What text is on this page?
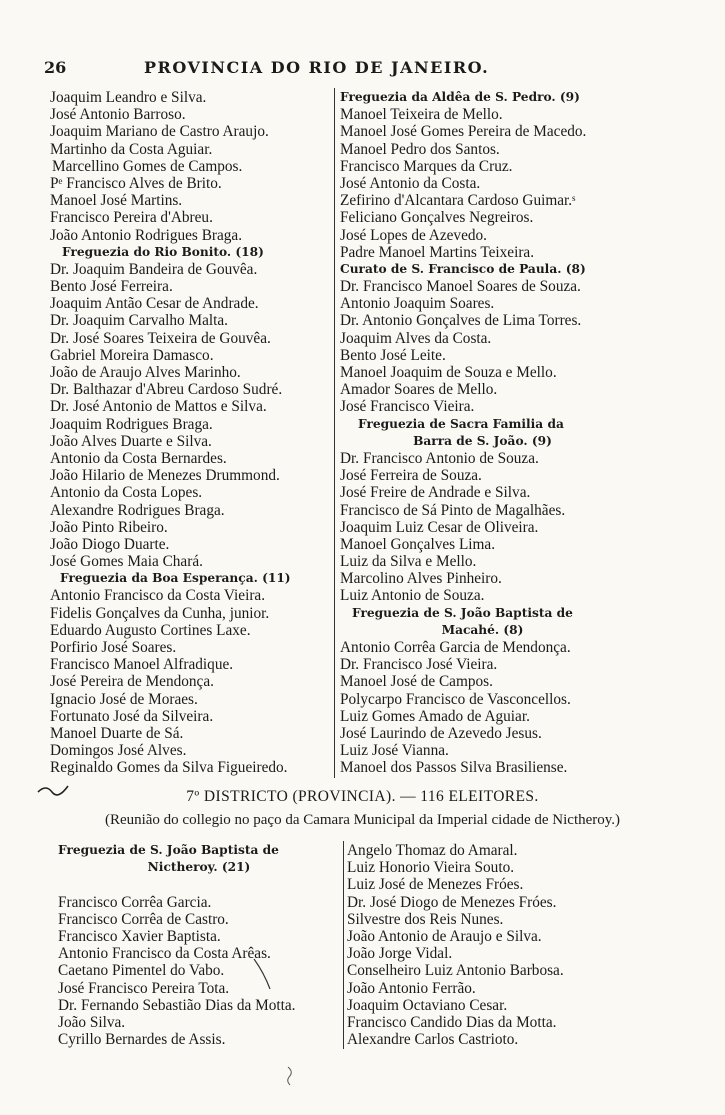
26	PROVINCIA DO RIO DE JANEIRO.
Joaquim Leandro e Silva.
José Antonio Barroso.
Joaquim Mariano de Castro Araujo.
Martinho da Costa Aguiar.
Marcellino Gomes de Campos.
Pᵉ Francisco Alves de Brito.
Manoel José Martins.
Francisco Pereira d'Abreu.
João Antonio Rodrigues Braga.
Freguezia do Rio Bonito. (18)
Dr. Joaquim Bandeira de Gouvêa.
Bento José Ferreira.
Joaquim Antão Cesar de Andrade.
Dr. Joaquim Carvalho Malta.
Dr. José Soares Teixeira de Gouvêa.
Gabriel Moreira Damasco.
João de Araujo Alves Marinho.
Dr. Balthazar d'Abreu Cardoso Sudré.
Dr. José Antonio de Mattos e Silva.
Joaquim Rodrigues Braga.
João Alves Duarte e Silva.
Antonio da Costa Bernardes.
João Hilario de Menezes Drummond.
Antonio da Costa Lopes.
Alexandre Rodrigues Braga.
João Pinto Ribeiro.
João Diogo Duarte.
José Gomes Maia Chará.
Freguezia da Boa Esperança. (11)
Antonio Francisco da Costa Vieira.
Fidelis Gonçalves da Cunha, junior.
Eduardo Augusto Cortines Laxe.
Porfirio José Soares.
Francisco Manoel Alfradique.
José Pereira de Mendonça.
Ignacio José de Moraes.
Fortunato José da Silveira.
Manoel Duarte de Sá.
Domingos José Alves.
Reginaldo Gomes da Silva Figueiredo.
Freguezia da Aldêa de S. Pedro. (9)
Manoel Teixeira de Mello.
Manoel José Gomes Pereira de Macedo.
Manoel Pedro dos Santos.
Francisco Marques da Cruz.
José Antonio da Costa.
Zefirino d'Alcantara Cardoso Guimar.ˢ
Feliciano Gonçalves Negreiros.
José Lopes de Azevedo.
Padre Manoel Martins Teixeira.
Curato de S. Francisco de Paula. (8)
Dr. Francisco Manoel Soares de Souza.
Antonio Joaquim Soares.
Dr. Antonio Gonçalves de Lima Torres.
Joaquim Alves da Costa.
Bento José Leite.
Manoel Joaquim de Souza e Mello.
Amador Soares de Mello.
José Francisco Vieira.
Freguezia de Sacra Familia da
Barra de S. João. (9)
Dr. Francisco Antonio de Souza.
José Ferreira de Souza.
José Freire de Andrade e Silva.
Francisco de Sá Pinto de Magalhães.
Joaquim Luiz Cesar de Oliveira.
Manoel Gonçalves Lima.
Luiz da Silva e Mello.
Marcolino Alves Pinheiro.
Luiz Antonio de Souza.
Freguezia de S. João Baptista de
Macahé. (8)
Antonio Corrêa Garcia de Mendonça.
Dr. Francisco José Vieira.
Manoel José de Campos.
Polycarpo Francisco de Vasconcellos.
Luiz Gomes Amado de Aguiar.
José Laurindo de Azevedo Jesus.
Luiz José Vianna.
Manoel dos Passos Silva Brasiliense.
7º DISTRICTO (PROVINCIA). — 116 ELEITORES.
(Reunião do collegio no paço da Camara Municipal da Imperial cidade de Nictheroy.)
Freguezia de S. João Baptista de
Nictheroy. (21)
Francisco Corrêa Garcia.
Francisco Corrêa de Castro.
Francisco Xavier Baptista.
Antonio Francisco da Costa Arêas.
Caetano Pimentel do Vabo.
José Francisco Pereira Tota.
Dr. Fernando Sebastião Dias da Motta.
João Silva.
Cyrillo Bernardes de Assis.
Angelo Thomaz do Amaral.
Luiz Honorio Vieira Souto.
Luiz José de Menezes Fróes.
Dr. José Diogo de Menezes Fróes.
Silvestre dos Reis Nunes.
João Antonio de Araujo e Silva.
João Jorge Vidal.
Conselheiro Luiz Antonio Barbosa.
João Antonio Ferrão.
Joaquim Octaviano Cesar.
Francisco Candido Dias da Motta.
Alexandre Carlos Castrioto.
